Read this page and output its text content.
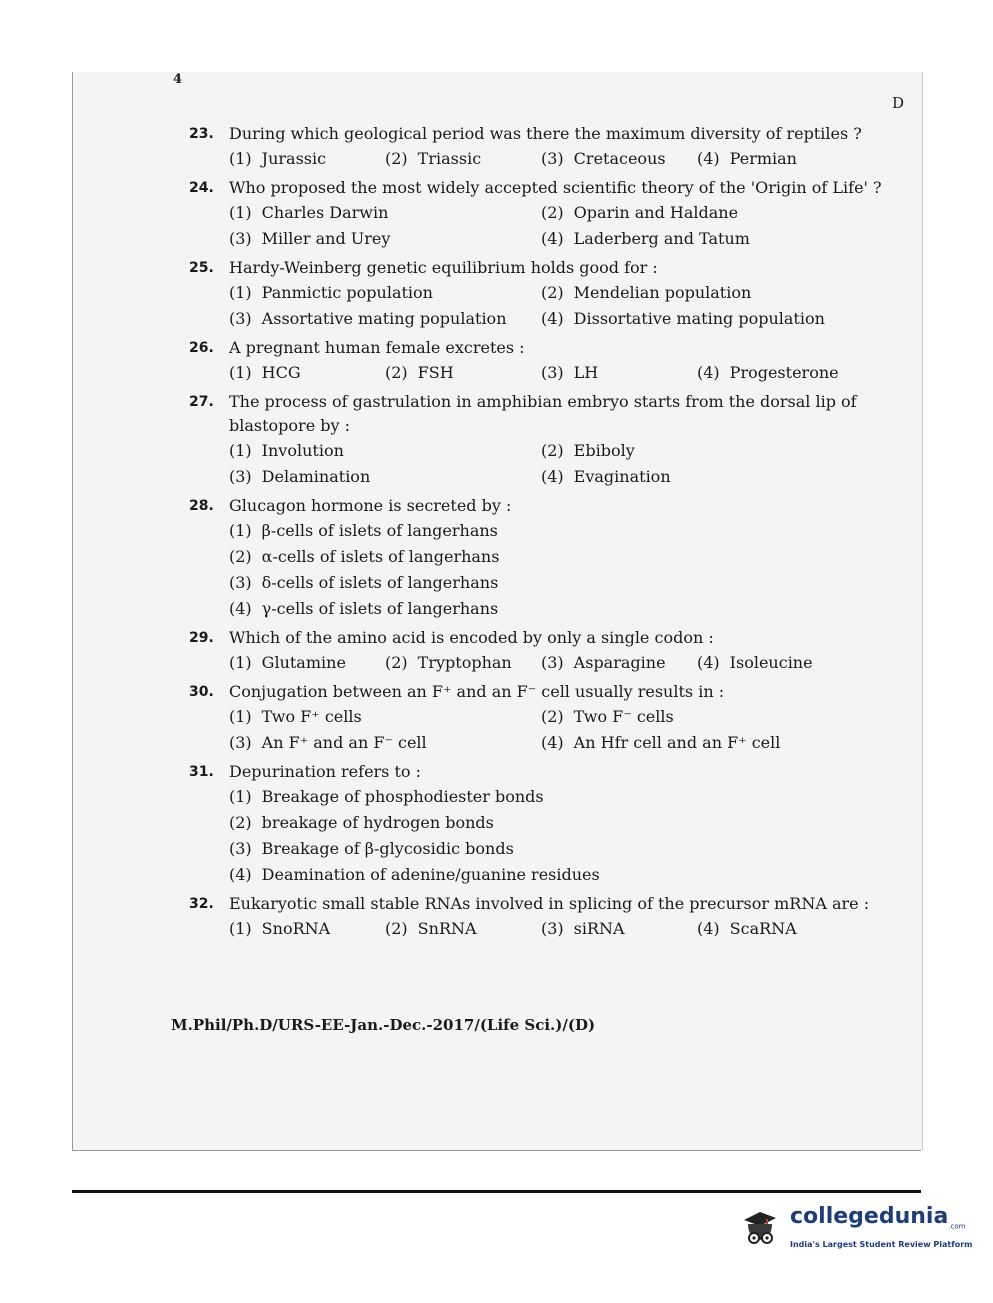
4
D
23. During which geological period was there the maximum diversity of reptiles ?
(1) Jurassic	(2) Triassic	(3) Cretaceous	(4) Permian
24. Who proposed the most widely accepted scientific theory of the 'Origin of Life' ?
(1) Charles Darwin	(2) Oparin and Haldane
(3) Miller and Urey	(4) Laderberg and Tatum
25. Hardy-Weinberg genetic equilibrium holds good for :
(1) Panmictic population	(2) Mendelian population
(3) Assortative mating population	(4) Dissortative mating population
26. A pregnant human female excretes :
(1) HCG	(2) FSH	(3) LH	(4) Progesterone
27. The process of gastrulation in amphibian embryo starts from the dorsal lip of blastopore by :
(1) Involution	(2) Ebiboly
(3) Delamination	(4) Evagination
28. Glucagon hormone is secreted by :
(1) β-cells of islets of langerhans
(2) α-cells of islets of langerhans
(3) δ-cells of islets of langerhans
(4) γ-cells of islets of langerhans
29. Which of the amino acid is encoded by only a single codon :
(1) Glutamine	(2) Tryptophan	(3) Asparagine	(4) Isoleucine
30. Conjugation between an F⁺ and an F⁻ cell usually results in :
(1) Two F⁺ cells	(2) Two F⁻ cells
(3) An F⁺ and an F⁻ cell	(4) An Hfr cell and an F⁺ cell
31. Depurination refers to :
(1) Breakage of phosphodiester bonds
(2) breakage of hydrogen bonds
(3) Breakage of β-glycosidic bonds
(4) Deamination of adenine/guanine residues
32. Eukaryotic small stable RNAs involved in splicing of the precursor mRNA are :
(1) SnoRNA	(2) SnRNA	(3) siRNA	(4) ScaRNA
M.Phil/Ph.D/URS-EE-Jan.-Dec.-2017/(Life Sci.)/(D)
collegedunia$_{.com}$
India's Largest Student Review Platform
